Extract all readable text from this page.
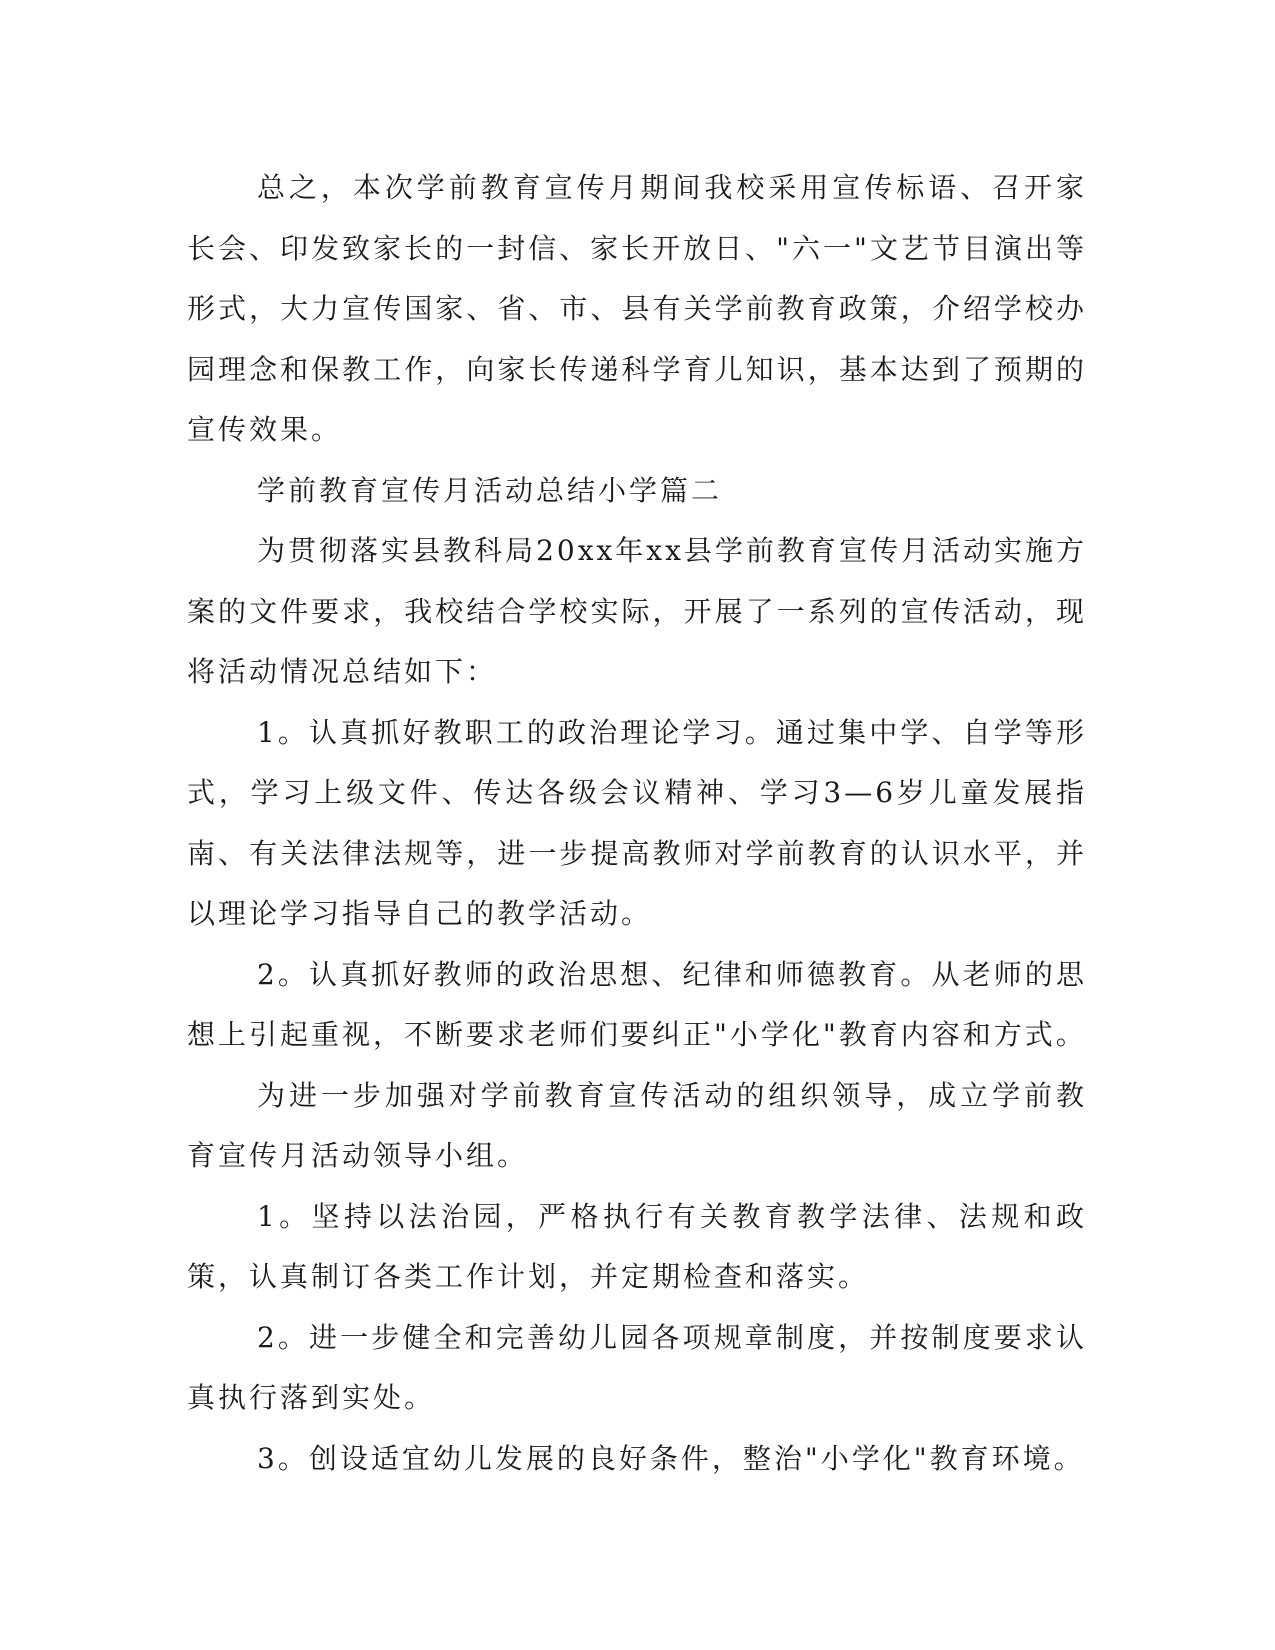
总之，本次学前教育宣传月期间我校采用宣传标语、召开家长会、印发致家长的一封信、家长开放日、"六一"文艺节目演出等形式，大力宣传国家、省、市、县有关学前教育政策，介绍学校办园理念和保教工作，向家长传递科学育儿知识，基本达到了预期的宣传效果。

学前教育宣传月活动总结小学篇二

为贯彻落实县教科局20xx年xx县学前教育宣传月活动实施方案的文件要求，我校结合学校实际，开展了一系列的宣传活动，现将活动情况总结如下：

1。认真抓好教职工的政治理论学习。通过集中学、自学等形式，学习上级文件、传达各级会议精神、学习3—6岁儿童发展指南、有关法律法规等，进一步提高教师对学前教育的认识水平，并以理论学习指导自己的教学活动。

2。认真抓好教师的政治思想、纪律和师德教育。从老师的思想上引起重视，不断要求老师们要纠正"小学化"教育内容和方式。

为进一步加强对学前教育宣传活动的组织领导，成立学前教育宣传月活动领导小组。

1。坚持以法治园，严格执行有关教育教学法律、法规和政策，认真制订各类工作计划，并定期检查和落实。

2。进一步健全和完善幼儿园各项规章制度，并按制度要求认真执行落到实处。

3。创设适宜幼儿发展的良好条件，整治"小学化"教育环境。
